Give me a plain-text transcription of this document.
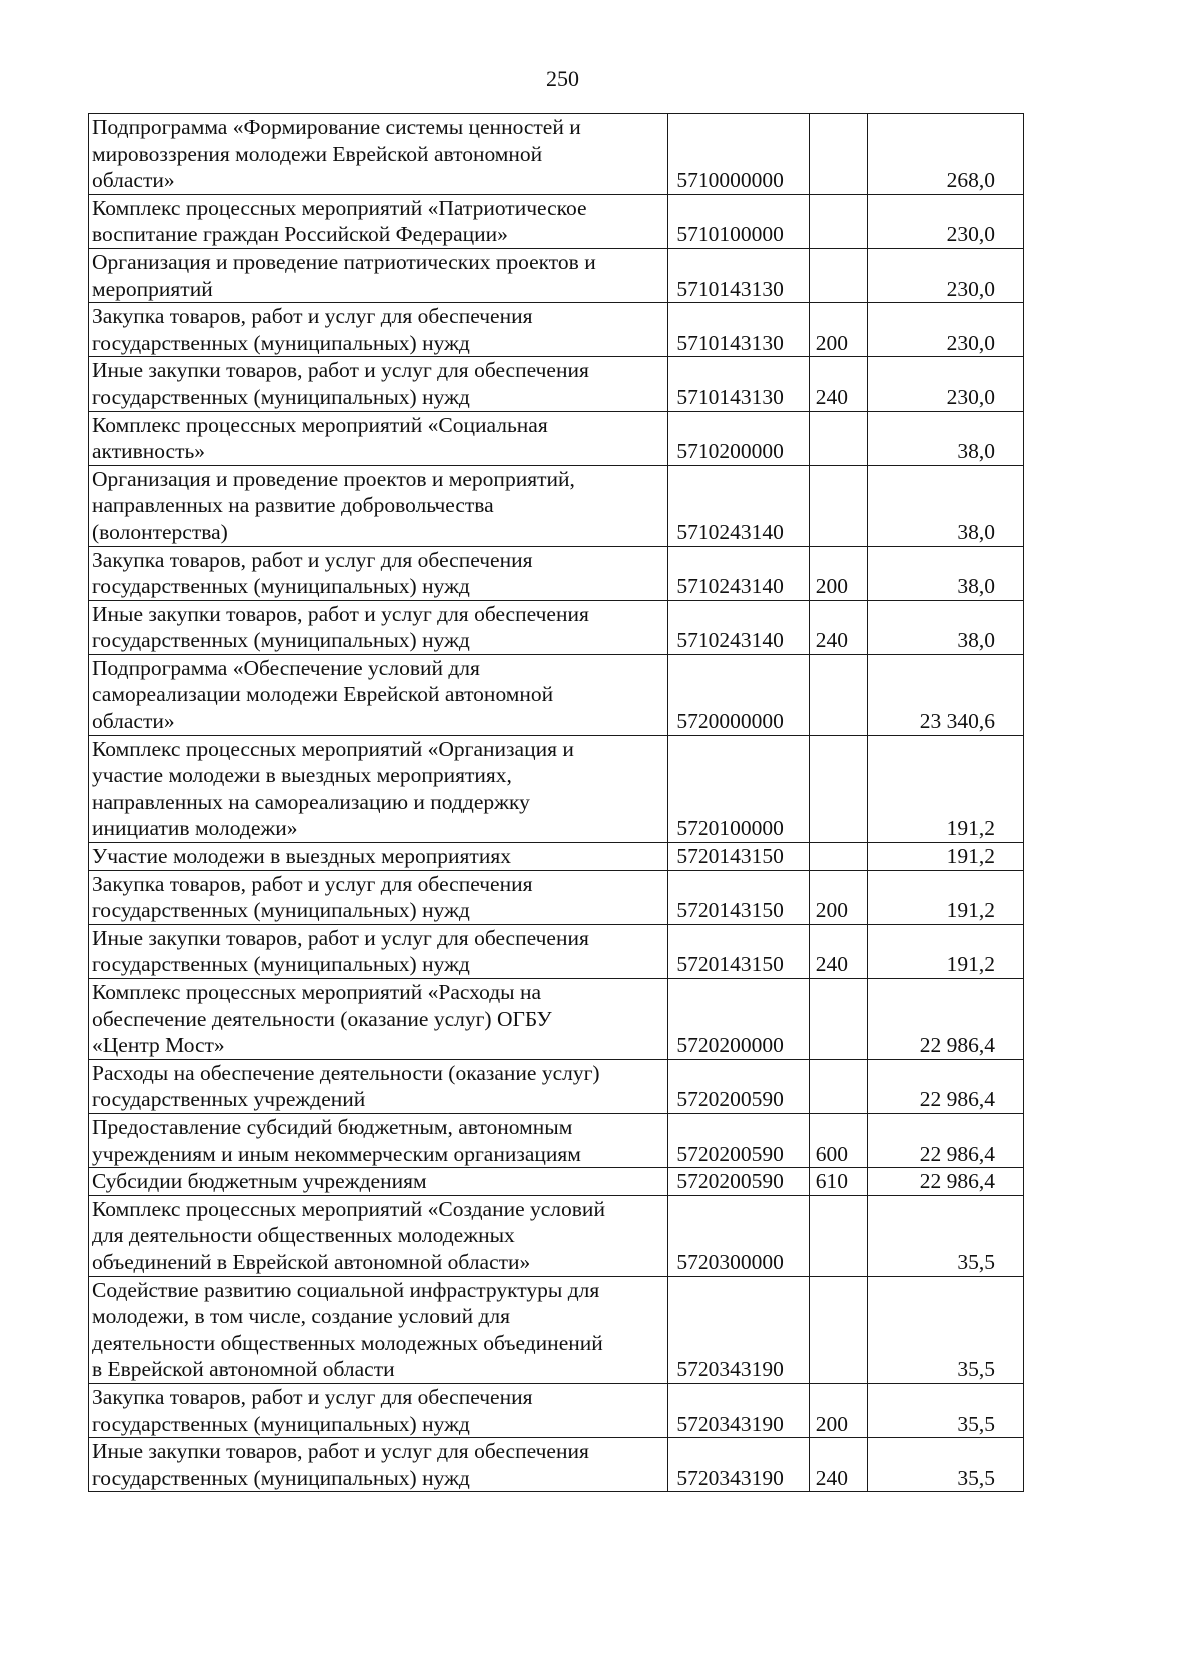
250
Подпрограмма «Формирование системы ценностей и
мировоззрения молодежи Еврейской автономной
области»	5710000000		268,0
Комплекс процессных мероприятий «Патриотическое
воспитание граждан Российской Федерации»	5710100000		230,0
Организация и проведение патриотических проектов и
мероприятий	5710143130		230,0
Закупка товаров, работ и услуг для обеспечения
государственных (муниципальных) нужд	5710143130	200	230,0
Иные закупки товаров, работ и услуг для обеспечения
государственных (муниципальных) нужд	5710143130	240	230,0
Комплекс процессных мероприятий «Социальная
активность»	5710200000		38,0
Организация и проведение проектов и мероприятий,
направленных на развитие добровольчества
(волонтерства)	5710243140		38,0
Закупка товаров, работ и услуг для обеспечения
государственных (муниципальных) нужд	5710243140	200	38,0
Иные закупки товаров, работ и услуг для обеспечения
государственных (муниципальных) нужд	5710243140	240	38,0
Подпрограмма «Обеспечение условий для
самореализации молодежи Еврейской автономной
области»	5720000000		23 340,6
Комплекс процессных мероприятий «Организация и
участие молодежи в выездных мероприятиях,
направленных на самореализацию и поддержку
инициатив молодежи»	5720100000		191,2
Участие молодежи в выездных мероприятиях	5720143150		191,2
Закупка товаров, работ и услуг для обеспечения
государственных (муниципальных) нужд	5720143150	200	191,2
Иные закупки товаров, работ и услуг для обеспечения
государственных (муниципальных) нужд	5720143150	240	191,2
Комплекс процессных мероприятий «Расходы на
обеспечение деятельности (оказание услуг) ОГБУ
«Центр Мост»	5720200000		22 986,4
Расходы на обеспечение деятельности (оказание услуг)
государственных учреждений	5720200590		22 986,4
Предоставление субсидий бюджетным, автономным
учреждениям и иным некоммерческим организациям	5720200590	600	22 986,4
Субсидии бюджетным учреждениям	5720200590	610	22 986,4
Комплекс процессных мероприятий «Создание условий
для деятельности общественных молодежных
объединений в Еврейской автономной области»	5720300000		35,5
Содействие развитию социальной инфраструктуры для
молодежи, в том числе, создание условий для
деятельности общественных молодежных объединений
в Еврейской автономной области	5720343190		35,5
Закупка товаров, работ и услуг для обеспечения
государственных (муниципальных) нужд	5720343190	200	35,5
Иные закупки товаров, работ и услуг для обеспечения
государственных (муниципальных) нужд	5720343190	240	35,5
